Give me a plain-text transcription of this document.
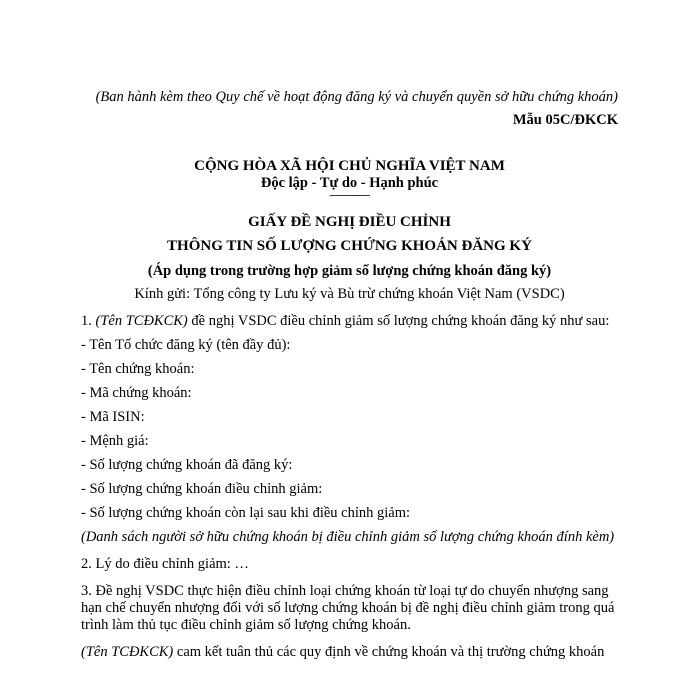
(Ban hành kèm theo Quy chế về hoạt động đăng ký và chuyển quyền sở hữu chứng khoán)

Mẫu 05C/ĐKCK

CỘNG HÒA XÃ HỘI CHỦ NGHĨA VIỆT NAM

Độc lập - Tự do - Hạnh phúc

---------------

GIẤY ĐỀ NGHỊ ĐIỀU CHỈNH

THÔNG TIN SỐ LƯỢNG CHỨNG KHOÁN ĐĂNG KÝ

(Áp dụng trong trường hợp giảm số lượng chứng khoán đăng ký)

Kính gửi: Tổng công ty Lưu ký và Bù trừ chứng khoán Việt Nam (VSDC)

1. (Tên TCĐKCK) đề nghị VSDC điều chỉnh giảm số lượng chứng khoán đăng ký như sau:

- Tên Tổ chức đăng ký (tên đầy đủ):

- Tên chứng khoán:

- Mã chứng khoán:

- Mã ISIN:

- Mệnh giá:

- Số lượng chứng khoán đã đăng ký:

- Số lượng chứng khoán điều chỉnh giảm:

- Số lượng chứng khoán còn lại sau khi điều chỉnh giảm:

(Danh sách người sở hữu chứng khoán bị điều chỉnh giảm số lượng chứng khoán đính kèm)

2. Lý do điều chỉnh giảm: …

3. Đề nghị VSDC thực hiện điều chỉnh loại chứng khoán từ loại tự do chuyển nhượng sang hạn chế chuyển nhượng đối với số lượng chứng khoán bị đề nghị điều chỉnh giảm trong quá trình làm thủ tục điều chỉnh giảm số lượng chứng khoán.

(Tên TCĐKCK) cam kết tuân thủ các quy định về chứng khoán và thị trường chứng khoán
